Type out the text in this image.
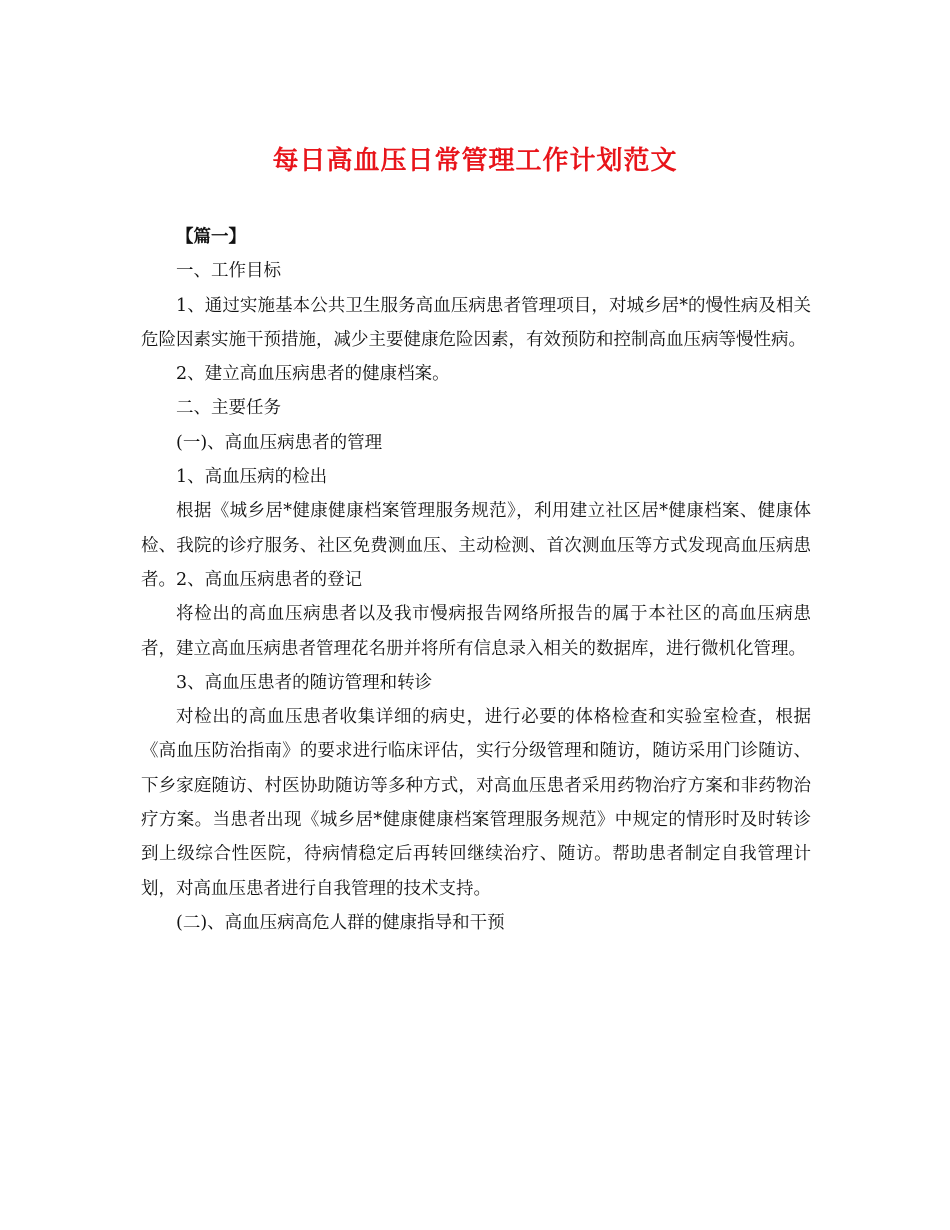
每日高血压日常管理工作计划范文

【篇一】

一、工作目标

1、通过实施基本公共卫生服务高血压病患者管理项目，对城乡居*的慢性病及相关危险因素实施干预措施，减少主要健康危险因素，有效预防和控制高血压病等慢性病。

2、建立高血压病患者的健康档案。

二、主要任务

(一)、高血压病患者的管理

1、高血压病的检出

根据《城乡居*健康健康档案管理服务规范》，利用建立社区居*健康档案、健康体检、我院的诊疗服务、社区免费测血压、主动检测、首次测血压等方式发现高血压病患者。2、高血压病患者的登记

将检出的高血压病患者以及我市慢病报告网络所报告的属于本社区的高血压病患者，建立高血压病患者管理花名册并将所有信息录入相关的数据库，进行微机化管理。

3、高血压患者的随访管理和转诊

对检出的高血压患者收集详细的病史，进行必要的体格检查和实验室检查，根据《高血压防治指南》的要求进行临床评估，实行分级管理和随访，随访采用门诊随访、下乡家庭随访、村医协助随访等多种方式，对高血压患者采用药物治疗方案和非药物治疗方案。当患者出现《城乡居*健康健康档案管理服务规范》中规定的情形时及时转诊到上级综合性医院，待病情稳定后再转回继续治疗、随访。帮助患者制定自我管理计划，对高血压患者进行自我管理的技术支持。

(二)、高血压病高危人群的健康指导和干预
